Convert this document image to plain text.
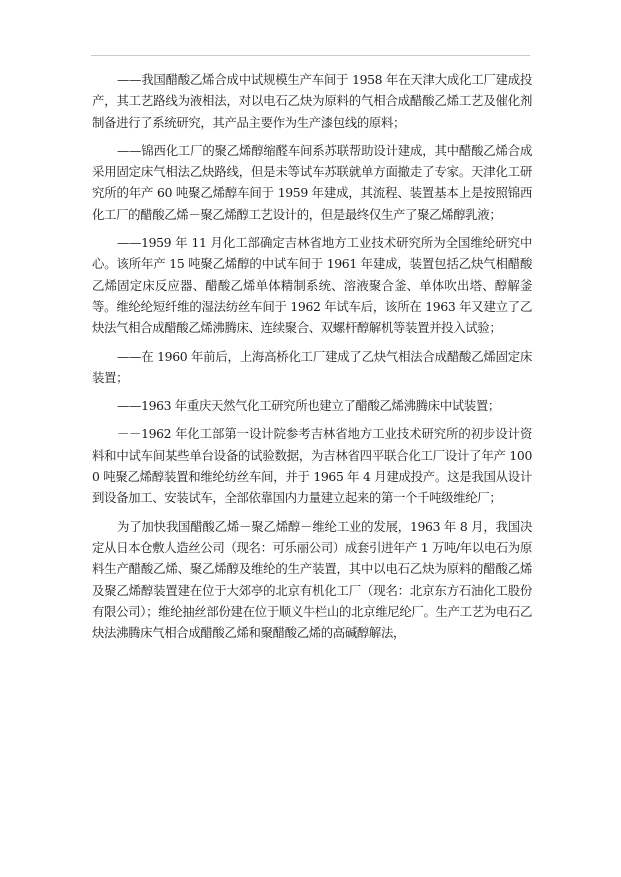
——我国醋酸乙烯合成中试规模生产车间于 1958 年在天津大成化工厂建成投产，其工艺路线为液相法，对以电石乙炔为原料的气相合成醋酸乙烯工艺及催化剂制备进行了系统研究，其产品主要作为生产漆包线的原料；

——锦西化工厂的聚乙烯醇缩醛车间系苏联帮助设计建成，其中醋酸乙烯合成采用固定床气相法乙炔路线，但是未等试车苏联就单方面撤走了专家。天津化工研究所的年产 60 吨聚乙烯醇车间于 1959 年建成，其流程、装置基本上是按照锦西化工厂的醋酸乙烯－聚乙烯醇工艺设计的，但是最终仅生产了聚乙烯醇乳液；

——1959 年 11 月化工部确定吉林省地方工业技术研究所为全国维纶研究中心。该所年产 15 吨聚乙烯醇的中试车间于 1961 年建成，装置包括乙炔气相醋酸乙烯固定床反应器、醋酸乙烯单体精制系统、溶液聚合釜、单体吹出塔、醇解釜等。维纶纶短纤维的湿法纺丝车间于 1962 年试车后，该所在 1963 年又建立了乙炔法气相合成醋酸乙烯沸腾床、连续聚合、双螺杆醇解机等装置并投入试验；

——在 1960 年前后，上海高桥化工厂建成了乙炔气相法合成醋酸乙烯固定床装置；

——1963 年重庆天然气化工研究所也建立了醋酸乙烯沸腾床中试装置；

－－1962 年化工部第一设计院参考吉林省地方工业技术研究所的初步设计资料和中试车间某些单台设备的试验数据，为吉林省四平联合化工厂设计了年产 1000 吨聚乙烯醇装置和维纶纺丝车间，并于 1965 年 4 月建成投产。这是我国从设计到设备加工、安装试车，全部依靠国内力量建立起来的第一个千吨级维纶厂；

为了加快我国醋酸乙烯－聚乙烯醇－维纶工业的发展，1963 年 8 月，我国决定从日本仓敷人造丝公司（现名：可乐丽公司）成套引进年产 1 万吨/年以电石为原料生产醋酸乙烯、聚乙烯醇及维纶的生产装置，其中以电石乙炔为原料的醋酸乙烯及聚乙烯醇装置建在位于大郊亭的北京有机化工厂（现名：北京东方石油化工股份有限公司）；维纶抽丝部份建在位于顺义牛栏山的北京维尼纶厂。生产工艺为电石乙炔法沸腾床气相合成醋酸乙烯和聚醋酸乙烯的高碱醇解法，
